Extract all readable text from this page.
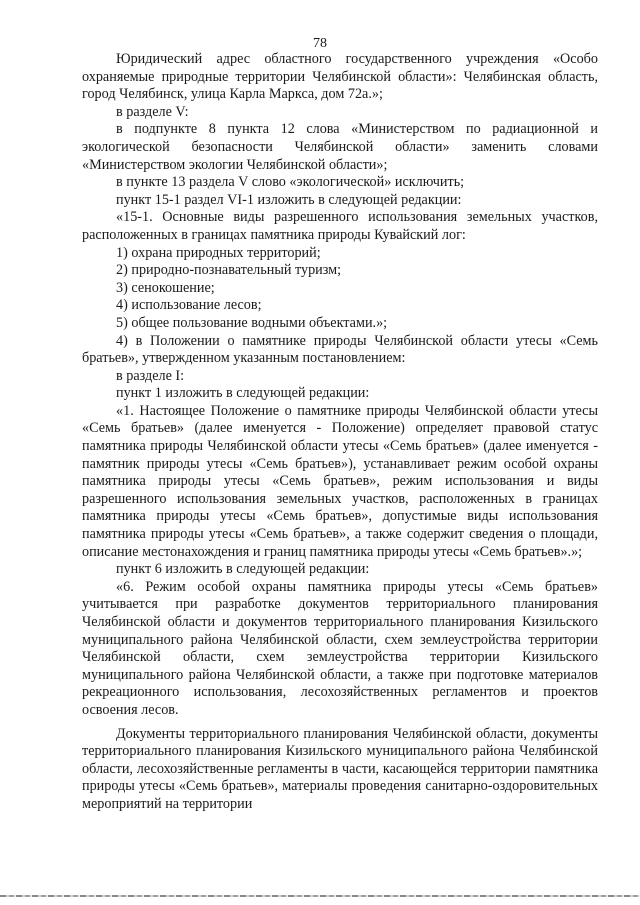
78

Юридический адрес областного государственного учреждения «Особо охраняемые природные территории Челябинской области»: Челябинская область, город Челябинск, улица Карла Маркса, дом 72а.»;

в разделе V:

в подпункте 8 пункта 12 слова «Министерством по радиационной и экологической безопасности Челябинской области» заменить словами «Министерством экологии Челябинской области»;

в пункте 13 раздела V слово «экологической» исключить;

пункт 15-1 раздел VI-1 изложить в следующей редакции:

«15-1. Основные виды разрешенного использования земельных участков, расположенных в границах памятника природы Кувайский лог:

1) охрана природных территорий;

2) природно-познавательный туризм;

3) сенокошение;

4) использование лесов;

5) общее пользование водными объектами.»;

4) в Положении о памятнике природы Челябинской области утесы «Семь братьев», утвержденном указанным постановлением:

в разделе I:

пункт 1 изложить в следующей редакции:

«1. Настоящее Положение о памятнике природы Челябинской области утесы «Семь братьев» (далее именуется - Положение) определяет правовой статус памятника природы Челябинской области утесы «Семь братьев» (далее именуется - памятник природы утесы «Семь братьев»), устанавливает режим особой охраны памятника природы утесы «Семь братьев», режим использования и виды разрешенного использования земельных участков, расположенных в границах памятника природы утесы «Семь братьев», допустимые виды использования памятника природы утесы «Семь братьев», а также содержит сведения о площади, описание местонахождения и границ памятника природы утесы «Семь братьев».»;

пункт 6 изложить в следующей редакции:

«6. Режим особой охраны памятника природы утесы «Семь братьев» учитывается при разработке документов территориального планирования Челябинской области и документов территориального планирования Кизильского муниципального района Челябинской области, схем землеустройства территории Челябинской области, схем землеустройства территории Кизильского муниципального района Челябинской области, а также при подготовке материалов рекреационного использования, лесохозяйственных регламентов и проектов освоения лесов.

Документы территориального планирования Челябинской области, документы территориального планирования Кизильского муниципального района Челябинской области, лесохозяйственные регламенты в части, касающейся территории памятника природы утесы «Семь братьев», материалы проведения санитарно-оздоровительных мероприятий на территории
